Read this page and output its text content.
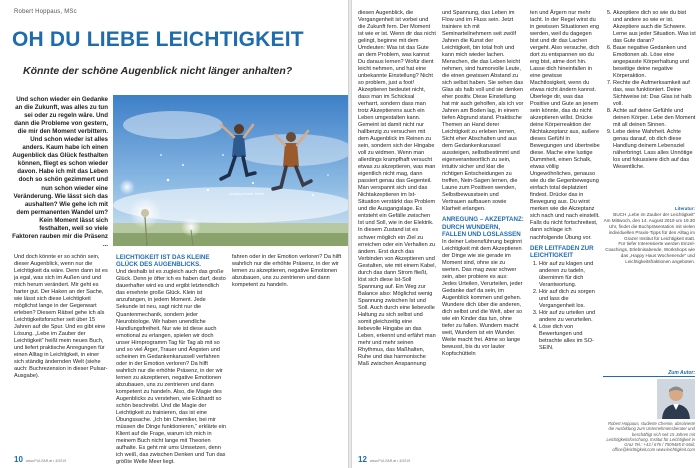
Robert Hoppaus, MSc
OH DU LIEBE LEICHTIGKEIT
Könnte der schöne Augenblick nicht länger anhalten?
Und schon wieder ein Gedanke an die Zukunft, was alles zu tun sei oder zu regeln wäre. Und dann die Probleme von gestern, die mir den Moment verbittern. Und schon wieder ist alles anders. Kaum habe ich einen Augenblick das Glück festhalten können, fliegt es schon wieder davon. Habe ich mit das Leben doch so schön gezimmert und nun schon wieder eine Veränderung. Wie lässt sich das aushalten? Wie gehe ich mit dem permanenten Wandel um? Kein Moment lässt sich festhalten, weil so viele Faktoren rauben mir die Präsenz ...
pixabay/heute-leben

Und doch könnte er so schön sein, dieser Augenblick, wenn nur die Leichtigkeit da wäre. Denn dann ist es ja egal, was sich im Außen und und mich herum verändert. Mir geht es harter gut. Der Haken an der Sache, wie lässt sich diese Leichtigkeit möglichst lange in der Gegenwart erleben? Diesem Rätsel gehe ich als Leichtigkeitsforscher seit über 15 Jahren auf die Spur. Und es gibt eine Lösung. „Lebe im Zauber der Leichtigkeit“ heißt mein neues Buch, und liefert praktische Anregungen für einen Alltag in Leichtigkeit, in einer sich ständig ändernden Welt (siehe auch: Buchrezension in dieser Pulsar-Ausgabe).

LEICHTIGKEIT IST DAS KLEINE GLÜCK DES AUGENBLICKS.

Und deshalb ist es zugleich auch das große Glück. Denn je öfter ich es haben darf, desto dauerhafter wird es und ergibt letztendlich das ersehnte große Glück. Klein ist anzufangen, in jedem Moment. Jede Sekunde ist neu, sagt nicht nur die Quantenmechanik, sondern jeder Neurobiologe. Wir haben unendliche Handlungsfreiheit. Nur wie ist diese auch emotional zu erlangen, spielen wir doch unser Hirnprogramm Tag für Tag ab mit so und so viel Ärger, Trauer und Ängsten und scheinen im Gedankenkarussell verfahren oder in der Emotion verloren? Da hilft wahrlich nur die erhöhte Präsenz, in der wir lernen zu akzeptieren, negative Emotionen abzubauen, uns zu zentrieren und dann kompetent zu handeln. Also, die Magie des Augenblicks zu verstehen, wie Eckhardt so schön beschreibt. Und die Magie der Leichtigkeit zu trainieren, das ist eine Übungssache. „Ich bin Chemiker, bei mir müssen die Dinge funktionieren,“ erklärte ein Klient auf die Frage, warum ich mich in meinem Buch nicht lange mit Theorien aufhalte. Es geht mir ums Umsetzen, denn ich weiß, das zwischen Denken und Tun das größte Welle Meer liegt.

fahren oder in der Emotion verloren? Da hilft wahrlich nur die erhöhte Präsenz, in der wir lernen zu akzeptieren, negative Emotionen abzubauen, uns zu zentrieren und dann kompetent zu handeln.

10 www.PULSAR.at • 4/2019

diesen Augenblick, die Vergangenheit ist vorbei und die Zukunft fern. Der Moment ist wie er ist. Wenn dir das nicht gelingt, beginne mit dem Umdeuten: Was ist das Gute an dem Problem, was kannst Du daraus lernen? Wofür dient leicht nehmen, und hat eine unbekannte Einstellung? Nicht so problem, just a foot! Akzeptieren bedeutet nicht, dass man im Schicksal verharrt, sondern dass man trotz Akzeptierens auch ein Leben umgestalten kann. Gemeint ist damit nicht nur hallberzig zu versuchen mit dem Augenblick im Reinen zu sein, sondern sich der Hingabe voll zu widmen. Wenn man allerdings krampfhaft versucht etwas zu akzeptieren, was man eigentlich nicht mag, dann passiert genau das Gegenteil. Man verspannt sich und das Nichtakzeptieren im Ist-Situation verstärkt das Problem und die Ausgangslage. Es entsteht ein Gefälle zwischen Ist und Soll, wie in der Elektrik. In diesem Zustand ist es schwer möglich ein Ziel zu erreichen oder ein Verhalten zu ändern. Erst durch das Verbinden von Akzeptieren und Gestalten, wie mit einem Kabel, durch das dann Strom fließt, löst sich diese Ist-Soll Spannung auf. Ein Weg zur Balance also: Möglichst wenig Spannung zwischen Ist und Soll. Auch durch eine liebevolle Haltung zu sich selbst und somit gleichzeitig eine liebevolle Hingabe an das Leben, erkennt und erfährt man mehr und mehr seinen Rhythmus, das Maßhalten, Ruhe und das harmonische Maß zwischen Anspannung

und Spannung, das Leben im Flow und im Fluss sein. Jetzt trainiere ich mit Seminarteilnehmern seit zwölf Jahren die Kunst der Leichtigkeit, bin total froh und kann mich wieder lachen. Menschen, die das Leben leicht nehmen, sind humorvolle Leute, die einen gewissen Abstand zu sich selbst haben. Sie sehen das Glas als halb voll und sie denken eher positiv. Diese Einstellung hat mir auch geholfen, als ich vor Jahren am Boden lag, in einem tiefen Abgrund stand. Praktische Themen an Hand derer Leichtigkeit zu erleben lernen, Sicht eher Abschalten und aus dem Gedankenkarussel aussteigen, selbstbestimmt und eigenverantwortlich zu sein, intuitiv sicher und klar die richtigen Entscheidungen zu treffen, Nein-Sagen lernen, die Laune zum Positiven wenden, Selbstbewusstsein und Vertrauen aufbauen sowie Klarheit erlangen.

ANREGUNG – AKZEPTANZ: DURCH WUNDERN, FALLEN UND LOSLASSEN

In deiner Lebensführung beginnt Leichtigkeit mit dem Akzeptieren der Dinge wie sie gerade im Moment sind, ohne sie zu werten. Das mag zwar schwer sein, aber probiere es aus: Jedes Urteilen, Verurteilen, jeder Gedanke darf da sein, im Augenblick kommen und gehen. Wundere dich über die anderen, dich selbst und die Welt, aber so wie ein Kinder das tun, ohne tiefer zu fallen. Wundern macht weit, Wundern ist ein Wunder. Weite macht frei. Atme so lange bewusst, bis du vor lauter Kopfschütteln

ten und Ärgern nur mehr lacht. In der Regel wirst du in gewissen Situationen eng werden, weil du dagegen bist und dir das Lachen vergeht. Also versuche, dich dort zu entspannen wo du eng bist, atme dort hin. Lasse dich hineinfallen in eine gewisse Machtlosigkeit, wenn du etwas nicht ändern kannst. Überlege dir, was das Positive und Gute an jenem sein könnte, das du nicht akzeptieren willst. Drücke deine Körperreaktion der Nichtakzeptanz aus, außere dieses Gefühl in Bewegungen und übertreibe diese. Mache eine lustige Dummheit, einen Schalk, etwas völlig Ungewöhnliches, genauso wie du die Gegenbewegung einfach total deplatziert findest. Drücke das in Bewegung aus. Du wirst merken wie die Akzeptanz sich nach und nach einstellt. Falls du nicht fortschreitest, dann schlage ich nachfolgende Übung vor.

DER LEITFADEN ZUR LEICHTIGKEIT
1. Hör auf zu klagen und anderen zu tadeln, übernimm für dich Verantwortung.
2. Hör auf dich zu sorgen und lass die Vergangenheit los.
3. Hör auf zu urteilen und andere zu verurteilen.
4. Löse dich von Bewertungen und betrachte alles im SO-SEIN.
5. Akzeptiere dich so wie du bist und andere so wie er ist. Akzeptiere auch die Schwere. Lerne aus jeder Situation. Was ist das Gute daran?
6. Baue negative Gedanken und Emotionen ab. Löse eine angepasste Körperhaltung und beseitige deine negative Körperaktion.
7. Rechte die Aufmerksamkeit auf das, was funktioniert. Deine Sichtweise ist: Das Glas ist halb voll.
8. Achte auf deine Gefühle und deinen Körper. Lebe den Moment mit all deinen Sinnen.
9. Lebe deine Wahrheit. Achte genau darauf, ob dich diese Handlung deinem Lebensziel näherbringt. Lass alles Unnötige los und fokussiere dich auf das Wesentliche.
12 www.PULSAR.at • 4/2019
Literatur:
BUCH „Lebe im Zauber der Leichtigkeit“
Am Mittwoch, den 14. August 2019 um 19.30 Uhr, findet die Buchpräsentation mit vielen individuellen Praxis-Tipps für den Alltag im Grazer Institut für Leichtigkeit statt.
Für tiefer Interessierte werden Einzel-Coachings, Erlebnisabende, Workshops wie das „Happy Haus Wochenende“ und Leichtigkeitsfraktionen angeboten.
Zum Autor:
Robert Hoppaus, studierte Chemie, absolvierte die Ausbildung zum Unternehmensberater und beschäftigt sich seit 15 Jahren mit Leichtigkeitsforschung. Institut für Leichtigkeit in Graz Tel.: +43 / 676 / 7509485 E-Mail: office@leichtigkeit.com www.leichtigkeit.com
